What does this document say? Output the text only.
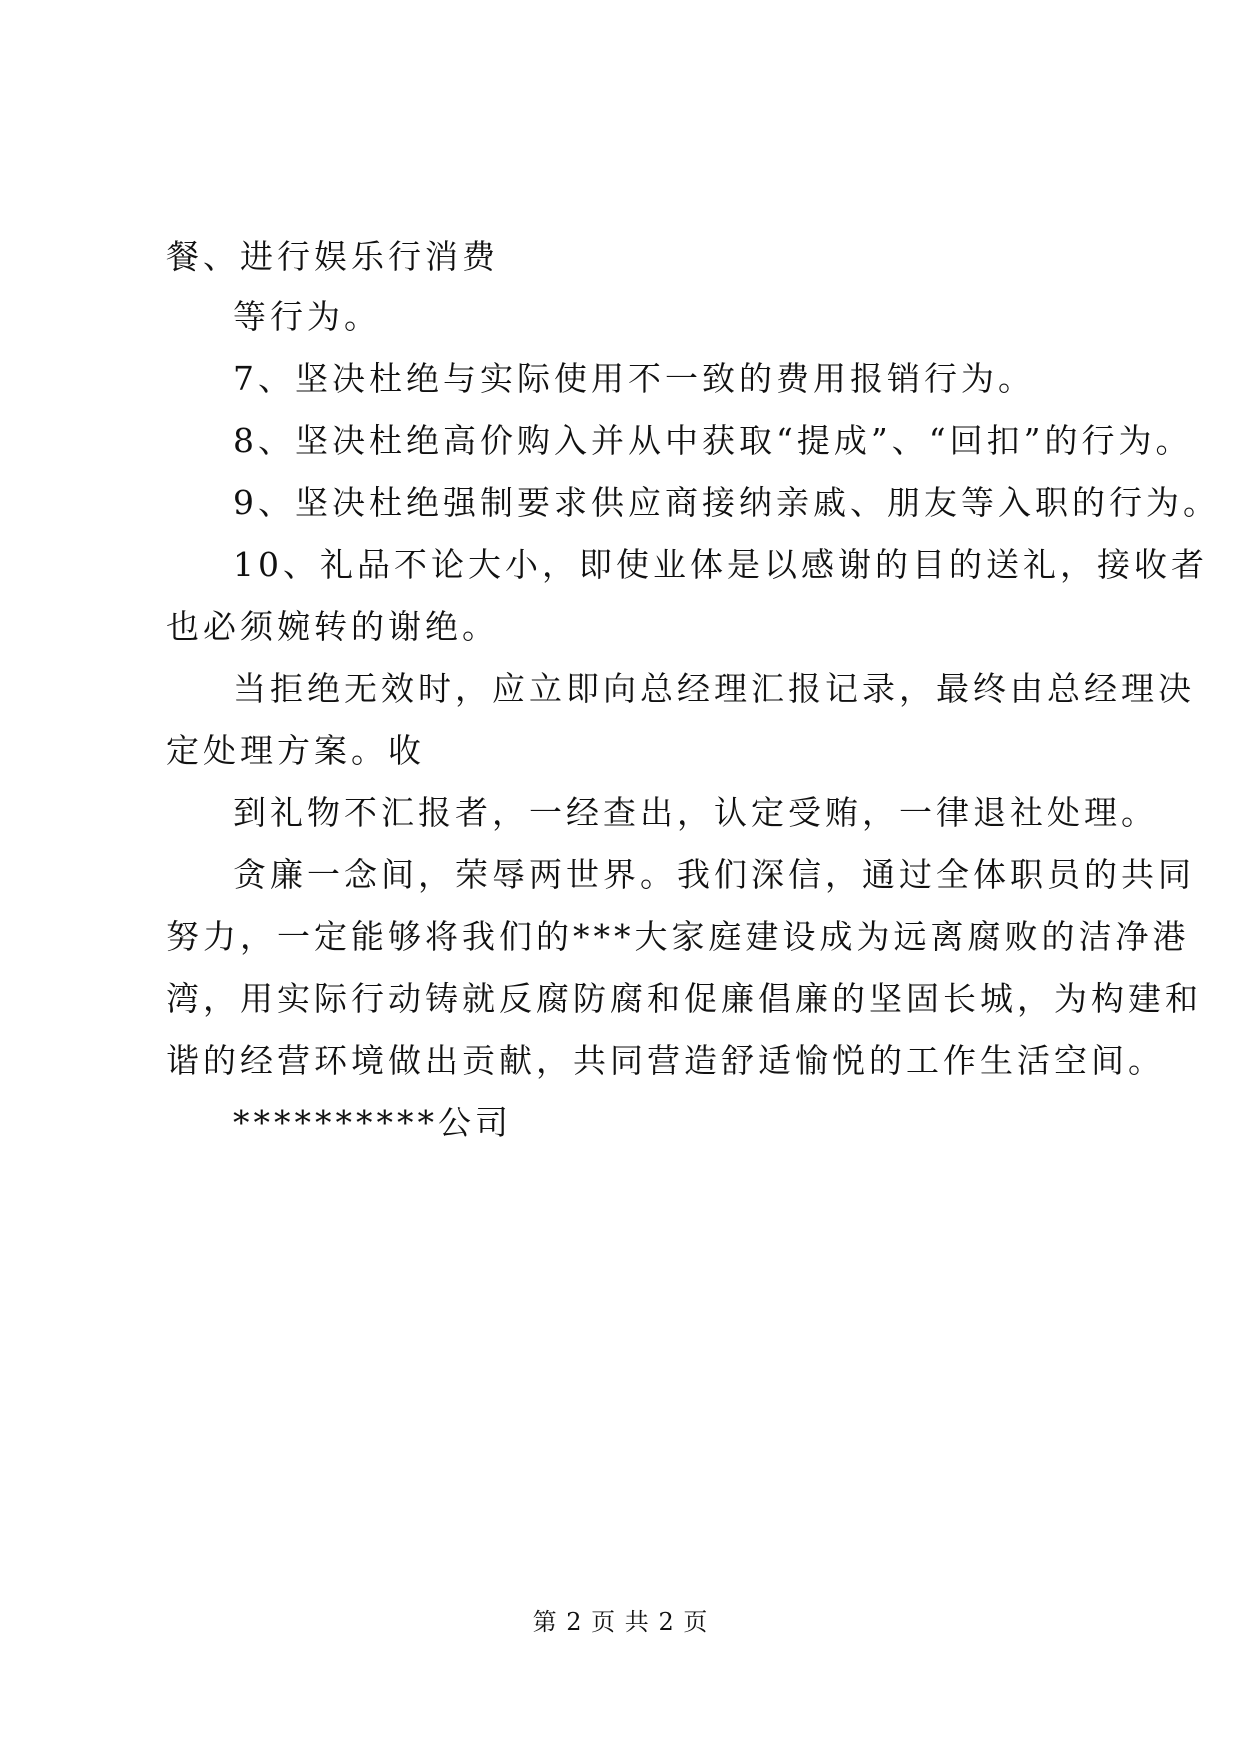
餐、进行娱乐行消费
等行为。
7、坚决杜绝与实际使用不一致的费用报销行为。
8、坚决杜绝高价购入并从中获取“提成”、“回扣”的行为。
9、坚决杜绝强制要求供应商接纳亲戚、朋友等入职的行为。
10、礼品不论大小，即使业体是以感谢的目的送礼，接收者
也必须婉转的谢绝。
当拒绝无效时，应立即向总经理汇报记录，最终由总经理决
定处理方案。收
到礼物不汇报者，一经查出，认定受贿，一律退社处理。
贪廉一念间，荣辱两世界。我们深信，通过全体职员的共同
努力，一定能够将我们的***大家庭建设成为远离腐败的洁净港
湾，用实际行动铸就反腐防腐和促廉倡廉的坚固长城，为构建和
谐的经营环境做出贡献，共同营造舒适愉悦的工作生活空间。
**********公司
第 2 页 共 2 页
